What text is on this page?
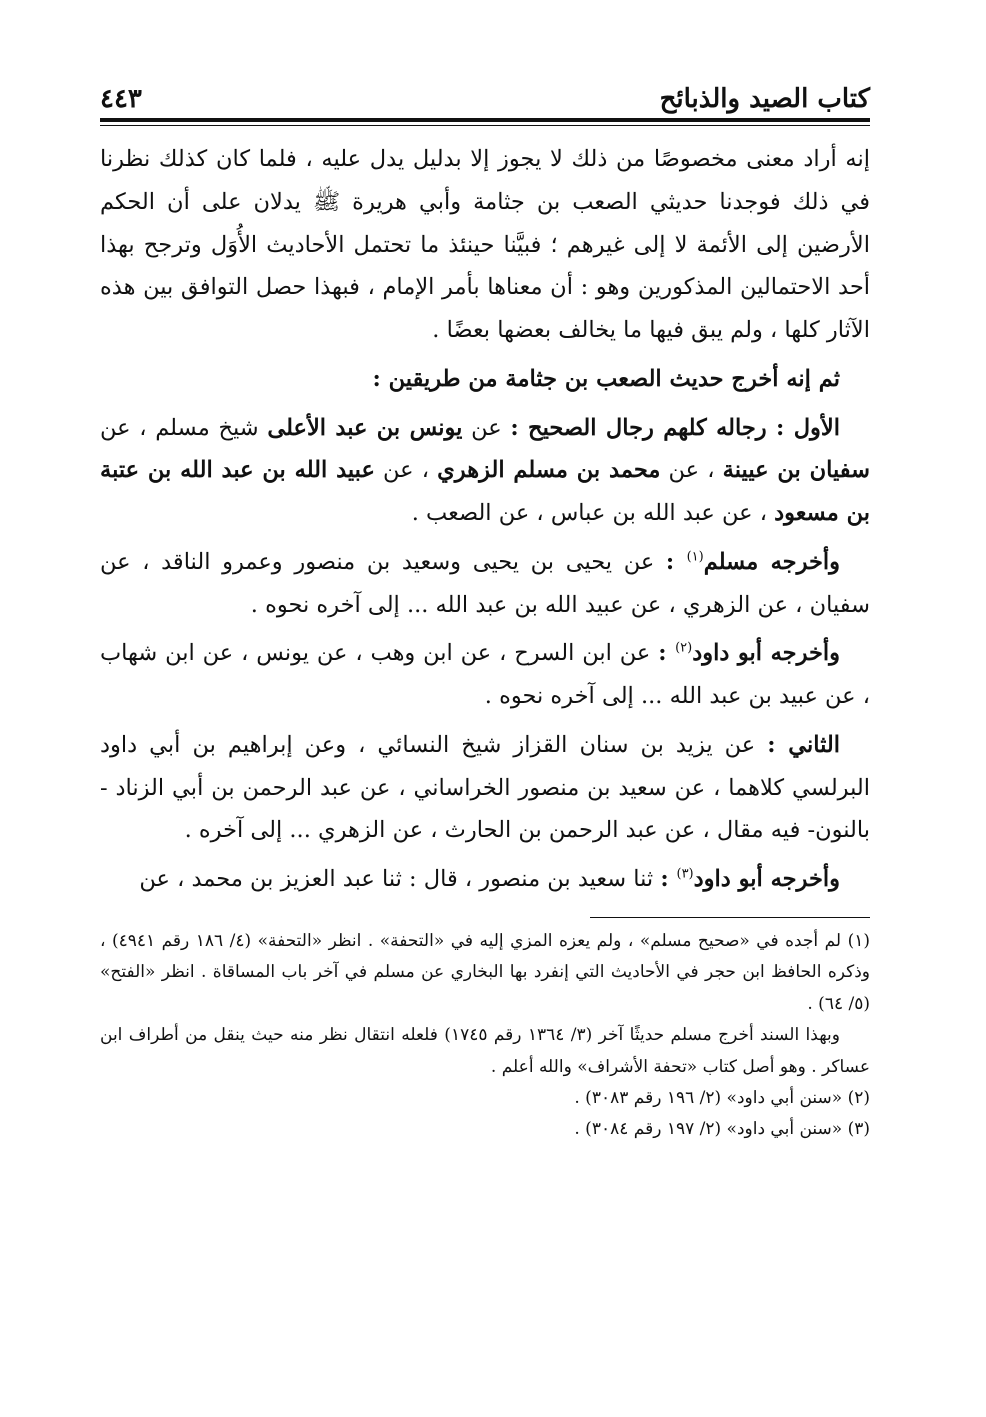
كتاب الصيد والذبائح
٤٤٣

إنه أراد معنى مخصوصًا من ذلك لا يجوز إلا بدليل يدل عليه ، فلما كان كذلك نظرنا في ذلك فوجدنا حديثي الصعب بن جثامة وأبي هريرة ﷺ يدلان على أن الحكم الأرضين إلى الأئمة لا إلى غيرهم ؛ فبيَّنا حينئذ ما تحتمل الأحاديث الأُوَل وترجح بهذا أحد الاحتمالين المذكورين وهو : أن معناها بأمر الإمام ، فبهذا حصل التوافق بين هذه الآثار كلها ، ولم يبق فيها ما يخالف بعضها بعضًا .

ثم إنه أخرج حديث الصعب بن جثامة من طريقين :

الأول : رجاله كلهم رجال الصحيح : عن يونس بن عبد الأعلى شيخ مسلم ، عن سفيان بن عيينة ، عن محمد بن مسلم الزهري ، عن عبيد الله بن عبد الله بن عتبة بن مسعود ، عن عبد الله بن عباس ، عن الصعب .

وأخرجه مسلم$^{(١)}$ : عن يحيى بن يحيى وسعيد بن منصور وعمرو الناقد ، عن سفيان ، عن الزهري ، عن عبيد الله بن عبد الله ... إلى آخره نحوه .

وأخرجه أبو داود$^{(٢)}$ : عن ابن السرح ، عن ابن وهب ، عن يونس ، عن ابن شهاب ، عن عبيد بن عبد الله ... إلى آخره نحوه .

الثاني : عن يزيد بن سنان القزاز شيخ النسائي ، وعن إبراهيم بن أبي داود البرلسي كلاهما ، عن سعيد بن منصور الخراساني ، عن عبد الرحمن بن أبي الزناد - بالنون- فيه مقال ، عن عبد الرحمن بن الحارث ، عن الزهري ... إلى آخره .

وأخرجه أبو داود$^{(٣)}$ : ثنا سعيد بن منصور ، قال : ثنا عبد العزيز بن محمد ، عن

(١) لم أجده في «صحيح مسلم» ، ولم يعزه المزي إليه في «التحفة» . انظر «التحفة» (٤/ ١٨٦ رقم ٤٩٤١) ، وذكره الحافظ ابن حجر في الأحاديث التي إنفرد بها البخاري عن مسلم في آخر باب المساقاة . انظر «الفتح» (٥/ ٦٤) .

وبهذا السند أخرج مسلم حديثًا آخر (٣/ ١٣٦٤ رقم ١٧٤٥) فلعله انتقال نظر منه حيث ينقل من أطراف ابن عساكر . وهو أصل كتاب «تحفة الأشراف» والله أعلم .

(٢) «سنن أبي داود» (٢/ ١٩٦ رقم ٣٠٨٣) .

(٣) «سنن أبي داود» (٢/ ١٩٧ رقم ٣٠٨٤) .
